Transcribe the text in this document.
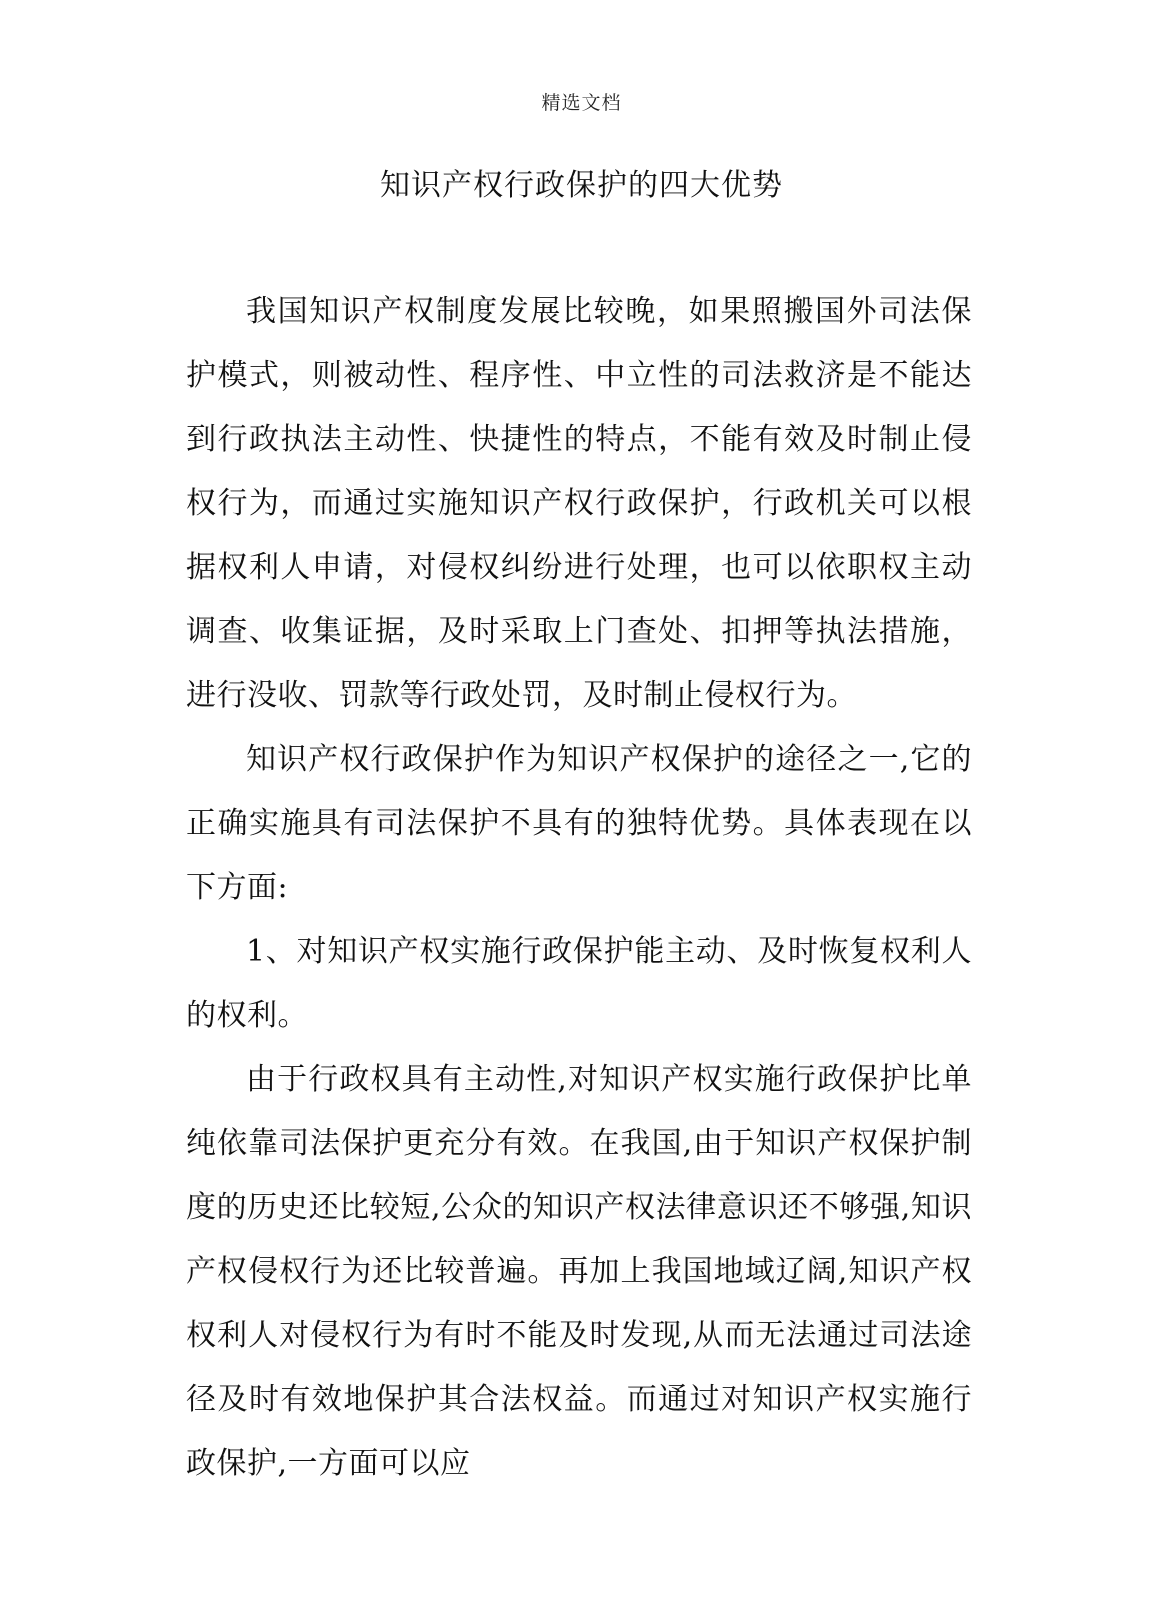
精选文档
知识产权行政保护的四大优势

我国知识产权制度发展比较晚，如果照搬国外司法保护模式，则被动性、程序性、中立性的司法救济是不能达到行政执法主动性、快捷性的特点，不能有效及时制止侵权行为，而通过实施知识产权行政保护，行政机关可以根据权利人申请，对侵权纠纷进行处理，也可以依职权主动调查、收集证据，及时采取上门查处、扣押等执法措施，进行没收、罚款等行政处罚，及时制止侵权行为。

知识产权行政保护作为知识产权保护的途径之一,它的正确实施具有司法保护不具有的独特优势。具体表现在以下方面:

1、对知识产权实施行政保护能主动、及时恢复权利人的权利。

由于行政权具有主动性,对知识产权实施行政保护比单纯依靠司法保护更充分有效。在我国,由于知识产权保护制度的历史还比较短,公众的知识产权法律意识还不够强,知识产权侵权行为还比较普遍。再加上我国地域辽阔,知识产权权利人对侵权行为有时不能及时发现,从而无法通过司法途径及时有效地保护其合法权益。而通过对知识产权实施行政保护,一方面可以应
